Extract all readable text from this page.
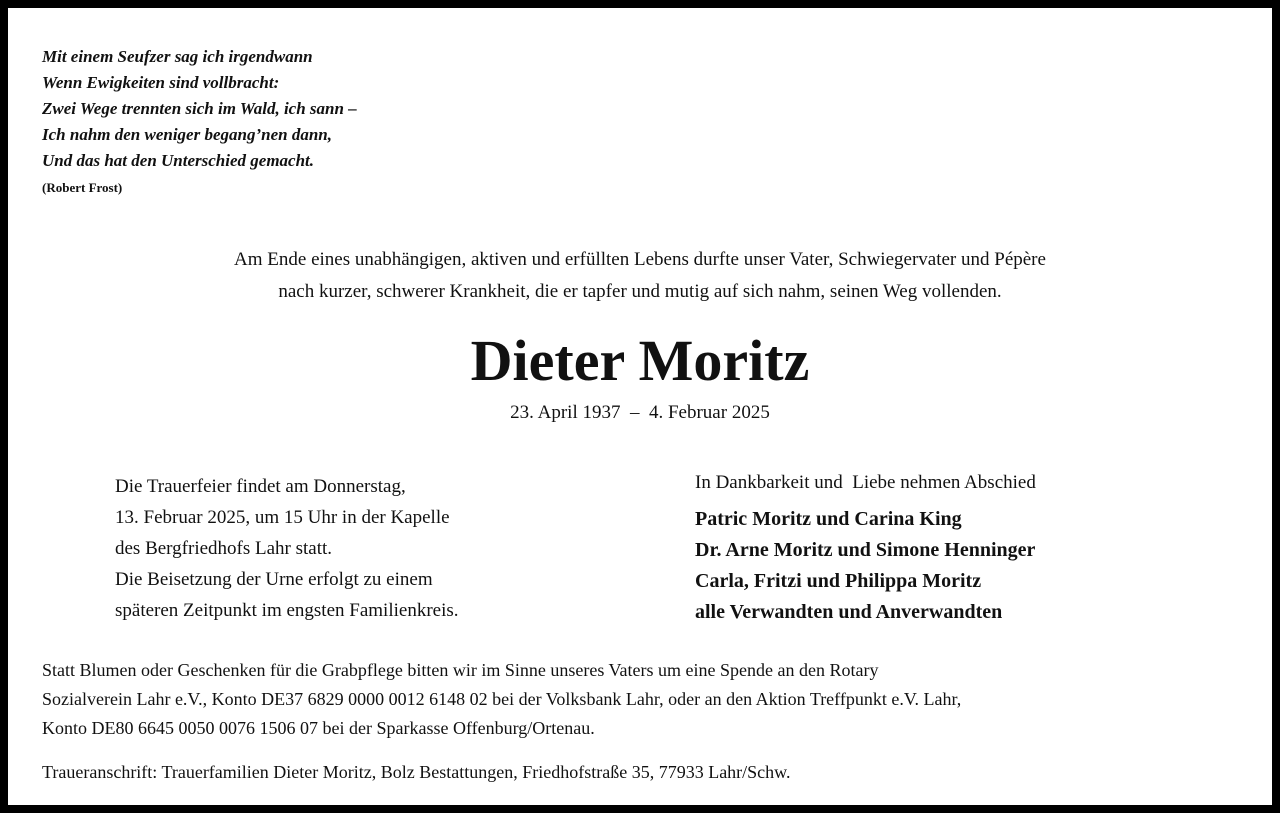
Mit einem Seufzer sag ich irgendwann
Wenn Ewigkeiten sind vollbracht:
Zwei Wege trennten sich im Wald, ich sann –
Ich nahm den weniger begang’nen dann,
Und das hat den Unterschied gemacht.
(Robert Frost)
Am Ende eines unabhängigen, aktiven und erfüllten Lebens durfte unser Vater, Schwiegervater und Pépère
nach kurzer, schwerer Krankheit, die er tapfer und mutig auf sich nahm, seinen Weg vollenden.
Dieter Moritz
23. April 1937  –  4. Februar 2025
Die Trauerfeier findet am Donnerstag,
13. Februar 2025, um 15 Uhr in der Kapelle
des Bergfriedhofs Lahr statt.
Die Beisetzung der Urne erfolgt zu einem
späteren Zeitpunkt im engsten Familienkreis.
In Dankbarkeit und  Liebe nehmen Abschied
Patric Moritz und Carina King
Dr. Arne Moritz und Simone Henninger
Carla, Fritzi und Philippa Moritz
alle Verwandten und Anverwandten
Statt Blumen oder Geschenken für die Grabpflege bitten wir im Sinne unseres Vaters um eine Spende an den Rotary
Sozialverein Lahr e.V., Konto DE37 6829 0000 0012 6148 02 bei der Volksbank Lahr, oder an den Aktion Treffpunkt e.V. Lahr,
Konto DE80 6645 0050 0076 1506 07 bei der Sparkasse Offenburg/Ortenau.
Traueranschrift: Trauerfamilien Dieter Moritz, Bolz Bestattungen, Friedhofstraße 35, 77933 Lahr/Schw.
